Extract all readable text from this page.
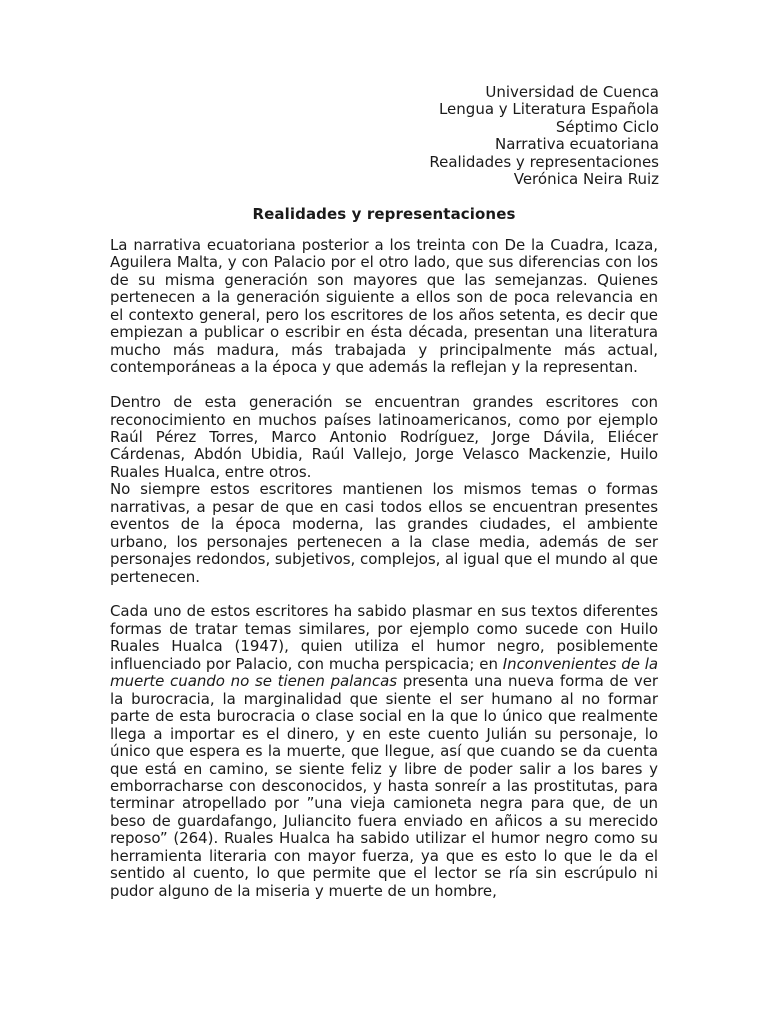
Universidad de Cuenca
Lengua y Literatura Española
Séptimo Ciclo
Narrativa ecuatoriana
Realidades y representaciones
Verónica Neira Ruiz
Realidades y representaciones

La narrativa ecuatoriana posterior a los treinta con De la Cuadra, Icaza, Aguilera Malta, y con Palacio por el otro lado, que sus diferencias con los de su misma generación son mayores que las semejanzas. Quienes pertenecen a la generación siguiente a ellos son de poca relevancia en el contexto general, pero los escritores de los años setenta, es decir que empiezan a publicar o escribir en ésta década, presentan una literatura mucho más madura, más trabajada y principalmente más actual, contemporáneas a la época y que además la reflejan y la representan.

Dentro de esta generación se encuentran grandes escritores con reconocimiento en muchos países latinoamericanos, como por ejemplo Raúl Pérez Torres, Marco Antonio Rodríguez, Jorge Dávila, Eliécer Cárdenas, Abdón Ubidia, Raúl Vallejo, Jorge Velasco Mackenzie, Huilo Ruales Hualca, entre otros.

No siempre estos escritores mantienen los mismos temas o formas narrativas, a pesar de que en casi todos ellos se encuentran presentes eventos de la época moderna, las grandes ciudades, el ambiente urbano, los personajes pertenecen a la clase media, además de ser personajes redondos, subjetivos, complejos, al igual que el mundo al que pertenecen.

Cada uno de estos escritores ha sabido plasmar en sus textos diferentes formas de tratar temas similares, por ejemplo como sucede con Huilo Ruales Hualca (1947), quien utiliza el humor negro, posiblemente influenciado por Palacio, con mucha perspicacia; en Inconvenientes de la muerte cuando no se tienen palancas presenta una nueva forma de ver la burocracia, la marginalidad que siente el ser humano al no formar parte de esta burocracia o clase social en la que lo único que realmente llega a importar es el dinero, y en este cuento Julián su personaje, lo único que espera es la muerte, que llegue, así que cuando se da cuenta que está en camino, se siente feliz y libre de poder salir a los bares y emborracharse con desconocidos, y hasta sonreír a las prostitutas, para terminar atropellado por ”una vieja camioneta negra para que, de un beso de guardafango, Juliancito fuera enviado en añicos a su merecido reposo” (264). Ruales Hualca ha sabido utilizar el humor negro como su herramienta literaria con mayor fuerza, ya que es esto lo que le da el sentido al cuento, lo que permite que el lector se ría sin escrúpulo ni pudor alguno de la miseria y muerte de un hombre,
